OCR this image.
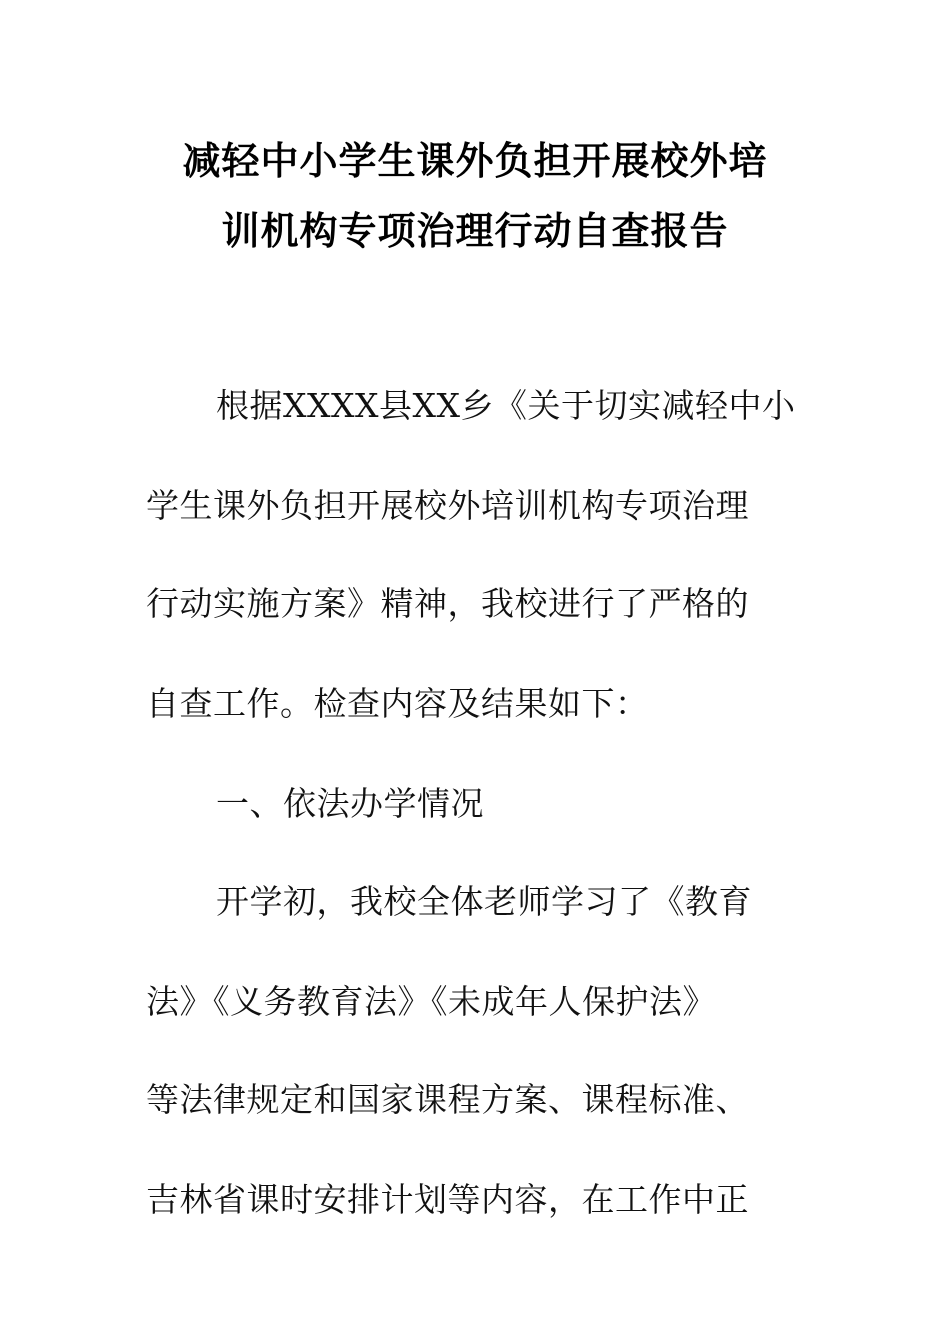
减轻中小学生课外负担开展校外培
训机构专项治理行动自查报告
根据XXXX县XX乡《关于切实减轻中小
学生课外负担开展校外培训机构专项治理
行动实施方案》精神，我校进行了严格的
自查工作。检查内容及结果如下：
一、依法办学情况
开学初，我校全体老师学习了《教育
法》《义务教育法》《未成年人保护法》
等法律规定和国家课程方案、课程标准、
吉林省课时安排计划等内容，在工作中正
